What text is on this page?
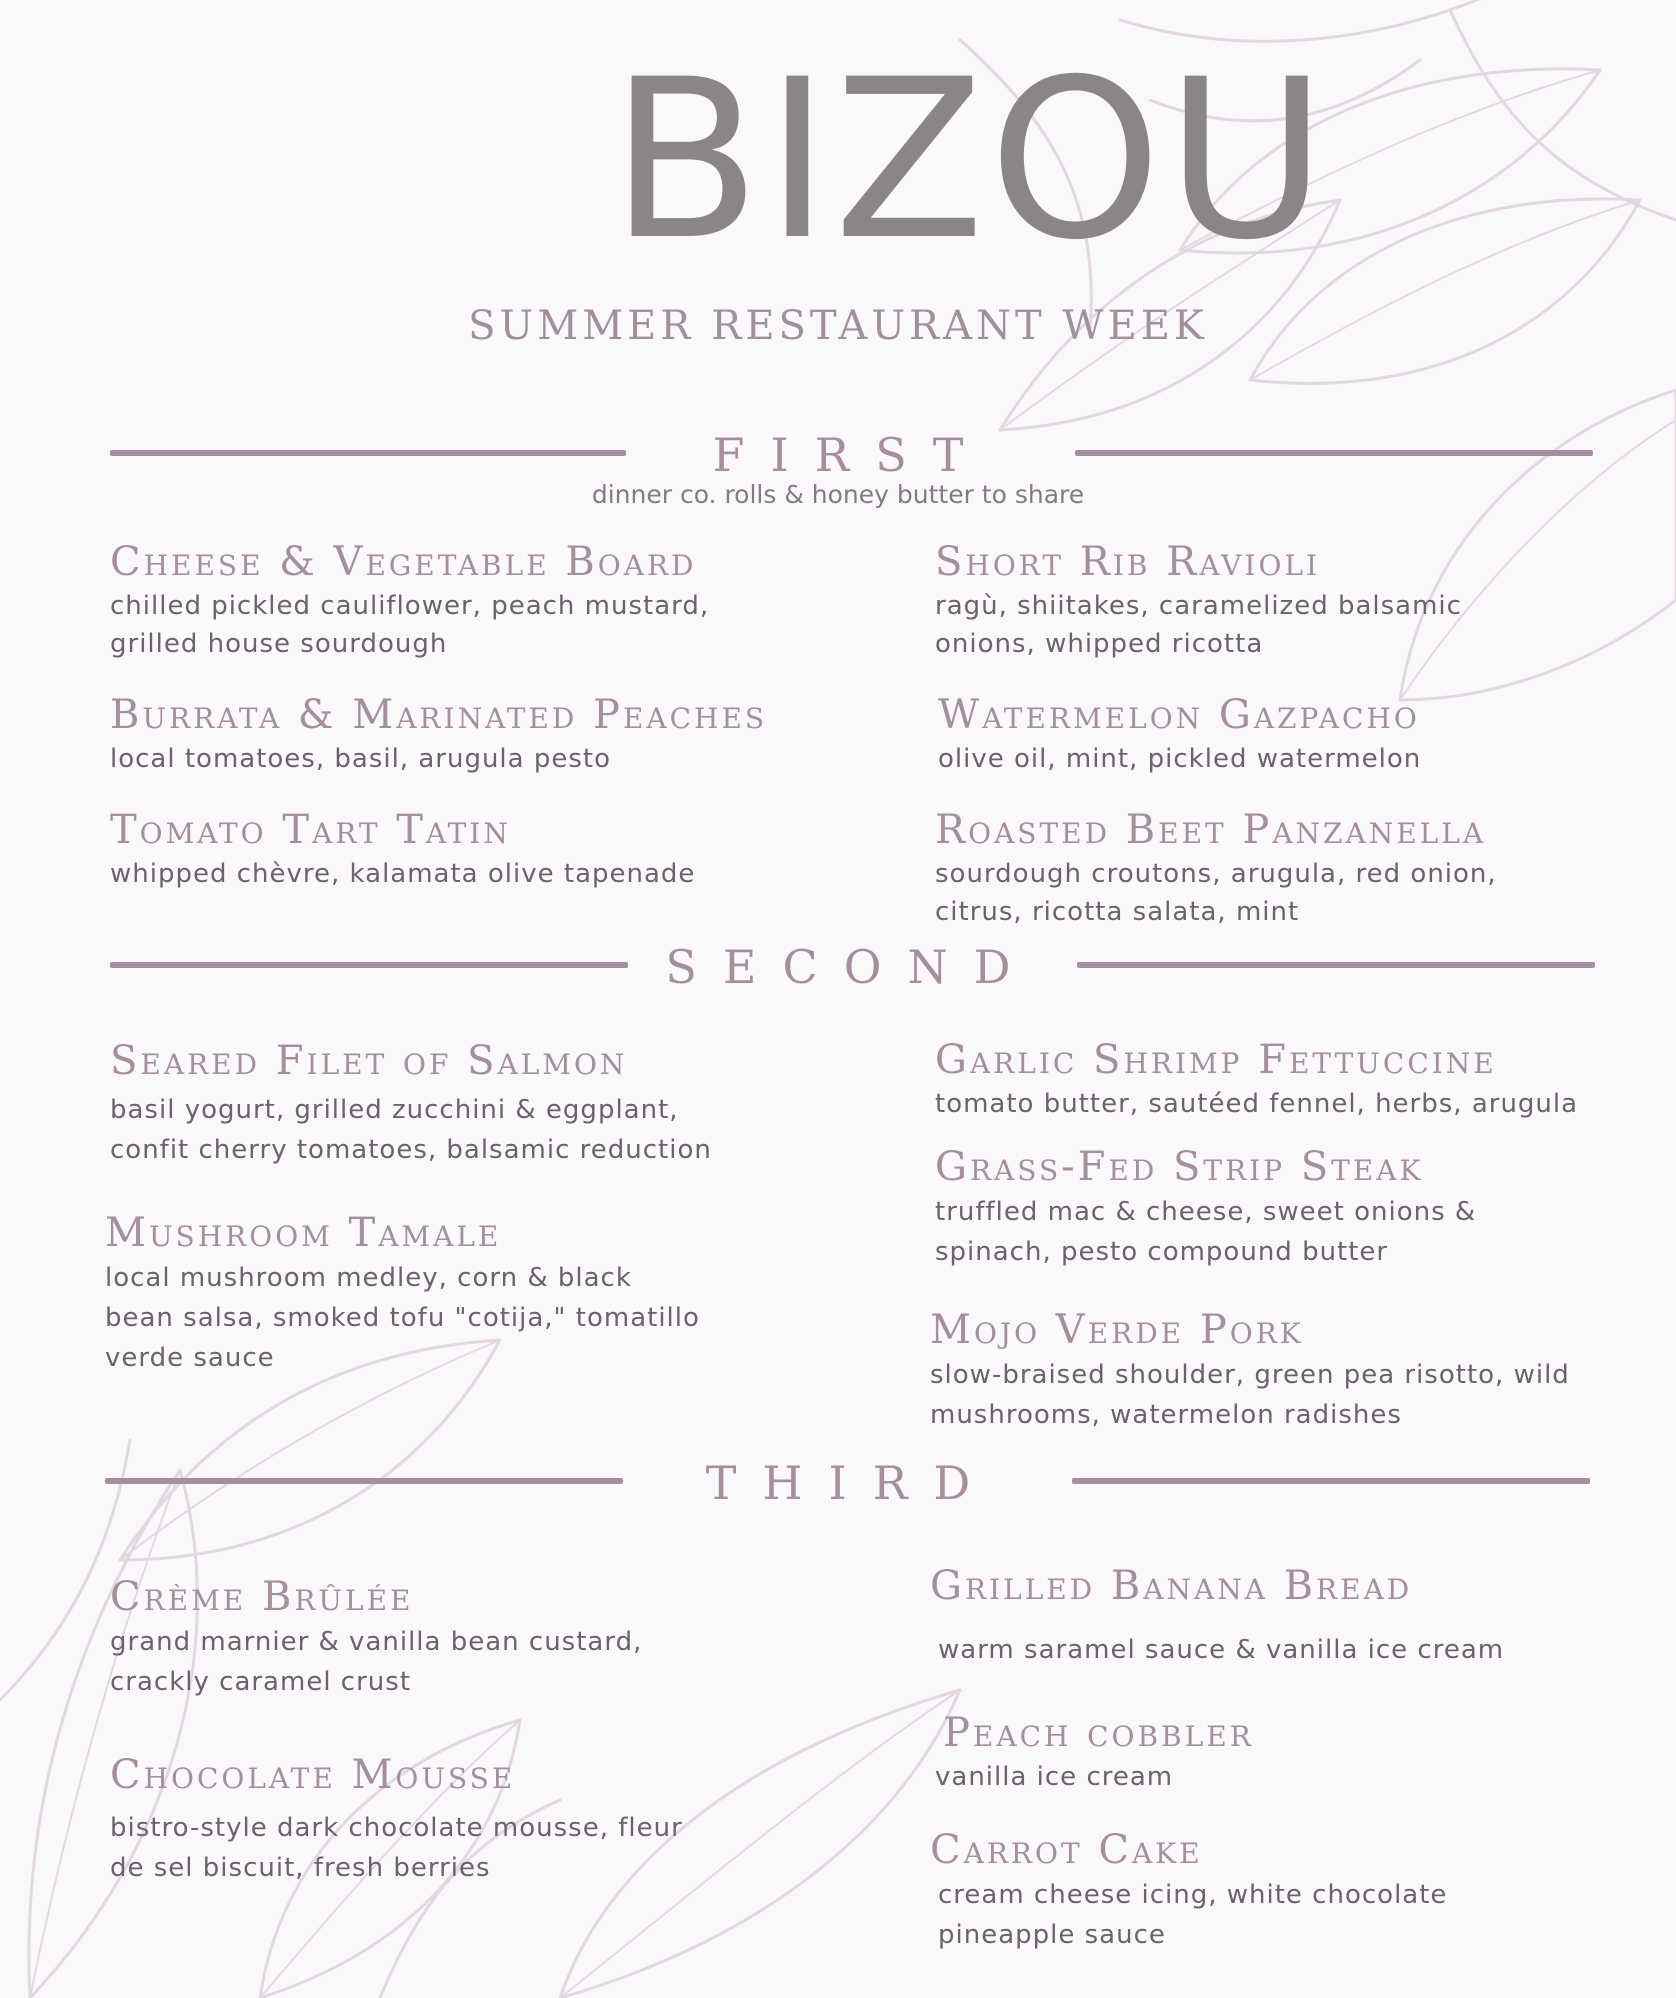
BIZOU
SUMMER RESTAURANT WEEK
FIRST
dinner co. rolls & honey butter to share
Cheese & Vegetable Board
chilled pickled cauliflower, peach mustard, grilled house sourdough
Short Rib Ravioli
ragù, shiitakes, caramelized balsamic onions, whipped ricotta
Burrata & Marinated Peaches
local tomatoes, basil, arugula pesto
Watermelon Gazpacho
olive oil, mint, pickled watermelon
Tomato Tart Tatin
whipped chèvre, kalamata olive tapenade
Roasted Beet Panzanella
sourdough croutons, arugula, red onion, citrus, ricotta salata, mint
SECOND
Seared Filet of Salmon
basil yogurt, grilled zucchini & eggplant, confit cherry tomatoes, balsamic reduction
Garlic Shrimp Fettuccine
tomato butter, sautéed fennel, herbs, arugula
Grass-Fed Strip Steak
truffled mac & cheese, sweet onions & spinach, pesto compound butter
Mushroom Tamale
local mushroom medley, corn & black bean salsa, smoked tofu "cotija," tomatillo verde sauce
Mojo Verde Pork
slow-braised shoulder, green pea risotto, wild mushrooms, watermelon radishes
THIRD
Crème Brûlée
grand marnier & vanilla bean custard, crackly caramel crust
Grilled Banana Bread
warm saramel sauce & vanilla ice cream
Chocolate Mousse
bistro-style dark chocolate mousse, fleur de sel biscuit, fresh berries
Peach cobbler
vanilla ice cream
Carrot Cake
cream cheese icing, white chocolate pineapple sauce
